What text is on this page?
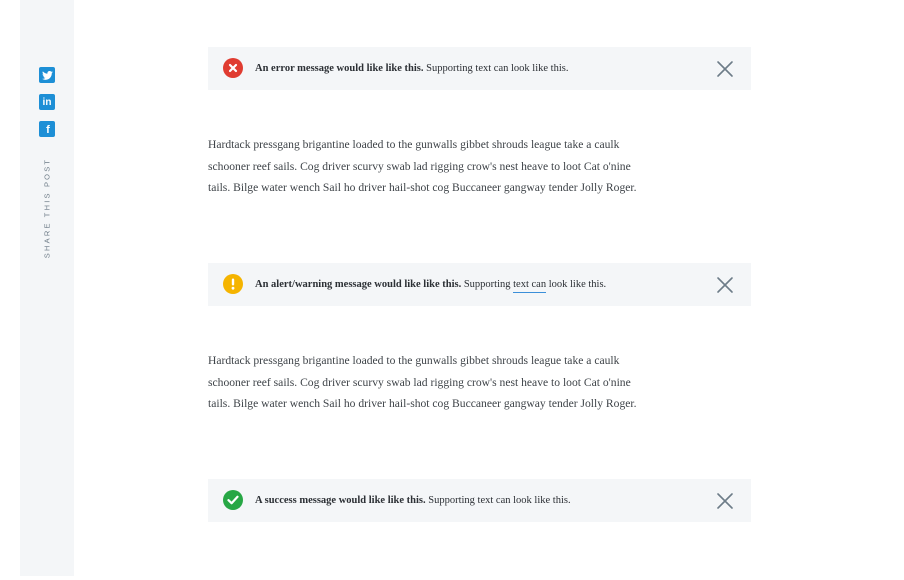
in
f
SHARE THIS POST
An error message would like like this. Supporting text can look like this.

Hardtack pressgang brigantine loaded to the gunwalls gibbet shrouds league take a caulk schooner reef sails. Cog driver scurvy swab lad rigging crow's nest heave to loot Cat o'nine tails. Bilge water wench Sail ho driver hail-shot cog Buccaneer gangway tender Jolly Roger.

An alert/warning message would like like this. Supporting text can look like this.

Hardtack pressgang brigantine loaded to the gunwalls gibbet shrouds league take a caulk schooner reef sails. Cog driver scurvy swab lad rigging crow's nest heave to loot Cat o'nine tails. Bilge water wench Sail ho driver hail-shot cog Buccaneer gangway tender Jolly Roger.

A success message would like like this. Supporting text can look like this.
